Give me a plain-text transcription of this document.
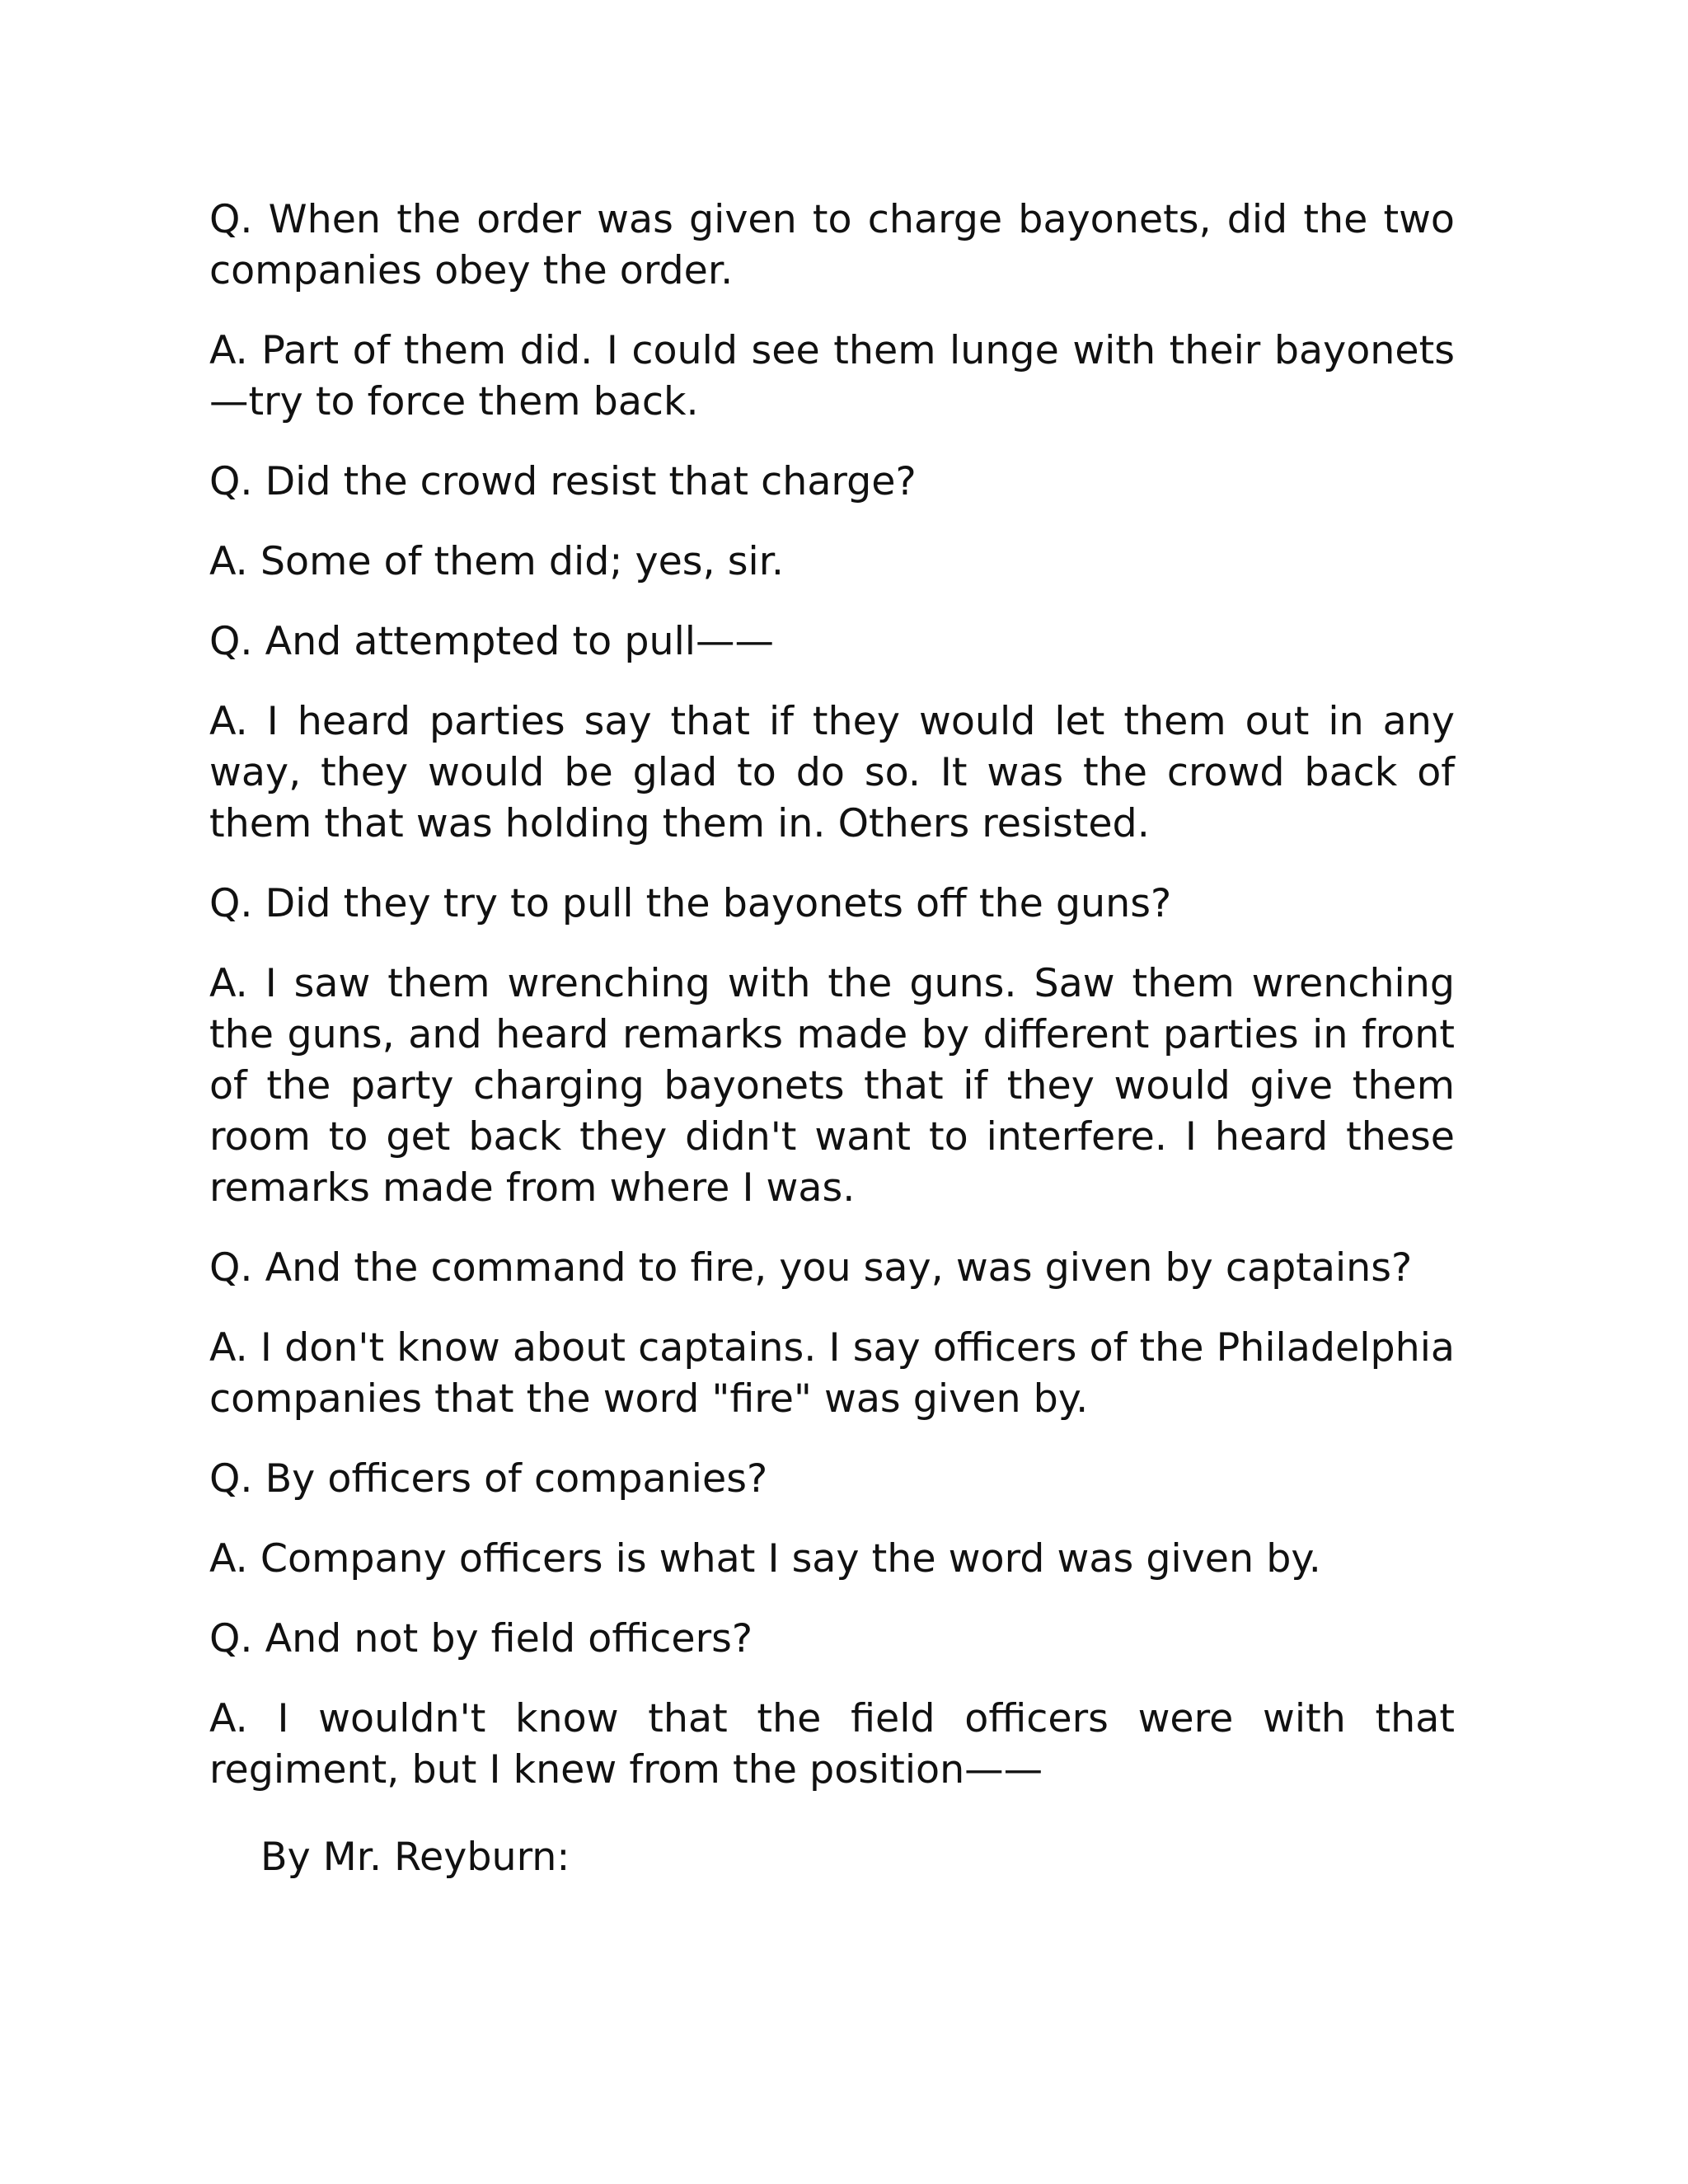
Q. When the order was given to charge bayonets, did the two companies obey the order.

A. Part of them did. I could see them lunge with their bayonets—try to force them back.

Q. Did the crowd resist that charge?

A. Some of them did; yes, sir.

Q. And attempted to pull——

A. I heard parties say that if they would let them out in any way, they would be glad to do so. It was the crowd back of them that was holding them in. Others resisted.

Q. Did they try to pull the bayonets off the guns?

A. I saw them wrenching with the guns. Saw them wrenching the guns, and heard remarks made by different parties in front of the party charging bayonets that if they would give them room to get back they didn't want to interfere. I heard these remarks made from where I was.

Q. And the command to fire, you say, was given by captains?

A. I don't know about captains. I say officers of the Philadelphia companies that the word "fire" was given by.

Q. By officers of companies?

A. Company officers is what I say the word was given by.

Q. And not by field officers?

A. I wouldn't know that the field officers were with that regiment, but I knew from the position——

By Mr. Reyburn:
